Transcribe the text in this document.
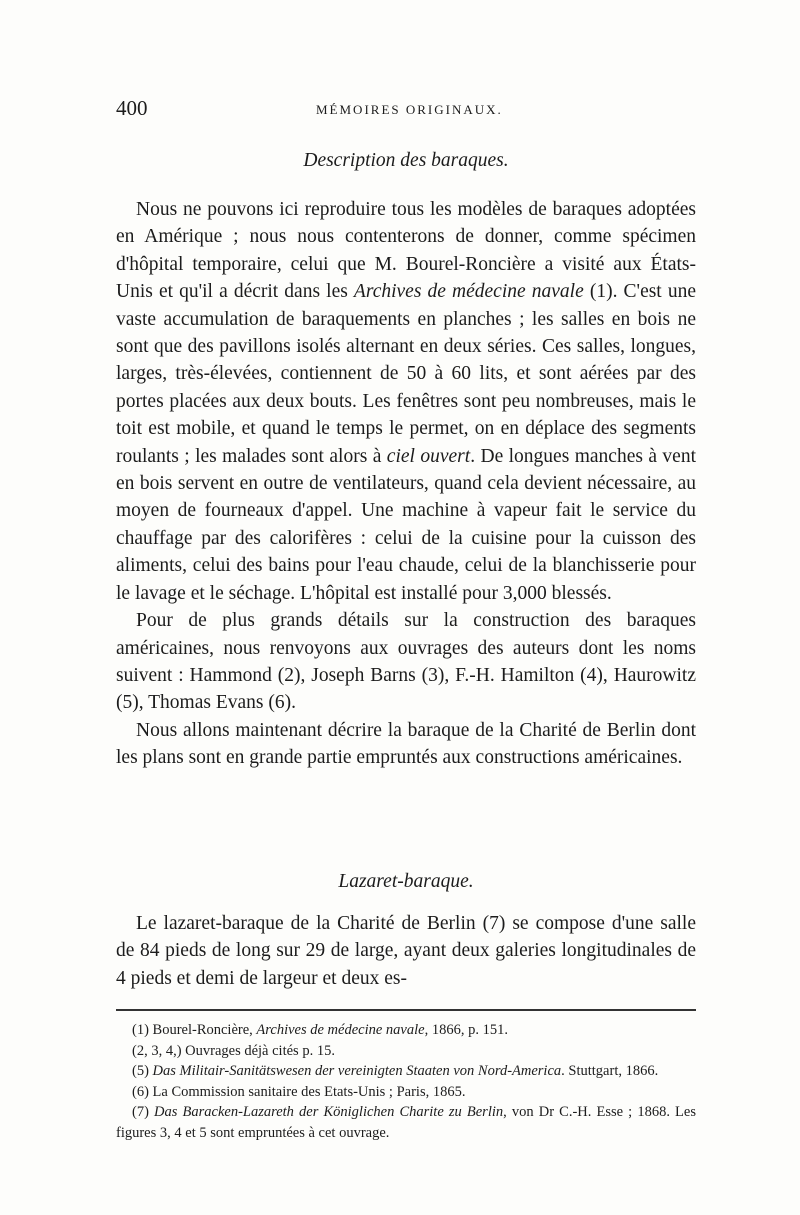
400	MÉMOIRES ORIGINAUX.
Description des baraques.

Nous ne pouvons ici reproduire tous les modèles de baraques adoptées en Amérique ; nous nous contenterons de donner, comme spécimen d'hôpital temporaire, celui que M. Bourel-Roncière a visité aux États-Unis et qu'il a décrit dans les Archives de médecine navale (1). C'est une vaste accumulation de baraquements en planches ; les salles en bois ne sont que des pavillons isolés alternant en deux séries. Ces salles, longues, larges, très-élevées, contiennent de 50 à 60 lits, et sont aérées par des portes placées aux deux bouts. Les fenêtres sont peu nombreuses, mais le toit est mobile, et quand le temps le permet, on en déplace des segments roulants ; les malades sont alors à ciel ouvert. De longues manches à vent en bois servent en outre de ventilateurs, quand cela devient nécessaire, au moyen de fourneaux d'appel. Une machine à vapeur fait le service du chauffage par des calorifères : celui de la cuisine pour la cuisson des aliments, celui des bains pour l'eau chaude, celui de la blanchisserie pour le lavage et le séchage. L'hôpital est installé pour 3,000 blessés.

Pour de plus grands détails sur la construction des baraques américaines, nous renvoyons aux ouvrages des auteurs dont les noms suivent : Hammond (2), Joseph Barns (3), F.-H. Hamilton (4), Haurowitz (5), Thomas Evans (6).

Nous allons maintenant décrire la baraque de la Charité de Berlin dont les plans sont en grande partie empruntés aux constructions américaines.

Lazaret-baraque.

Le lazaret-baraque de la Charité de Berlin (7) se compose d'une salle de 84 pieds de long sur 29 de large, ayant deux galeries longitudinales de 4 pieds et demi de largeur et deux es-

(1) Bourel-Roncière, Archives de médecine navale, 1866, p. 151.

(2, 3, 4,) Ouvrages déjà cités p. 15.

(5) Das Militair-Sanitätswesen der vereinigten Staaten von Nord-America. Stuttgart, 1866.

(6) La Commission sanitaire des Etats-Unis ; Paris, 1865.

(7) Das Baracken-Lazareth der Königlichen Charite zu Berlin, von Dr C.-H. Esse ; 1868. Les figures 3, 4 et 5 sont empruntées à cet ouvrage.
